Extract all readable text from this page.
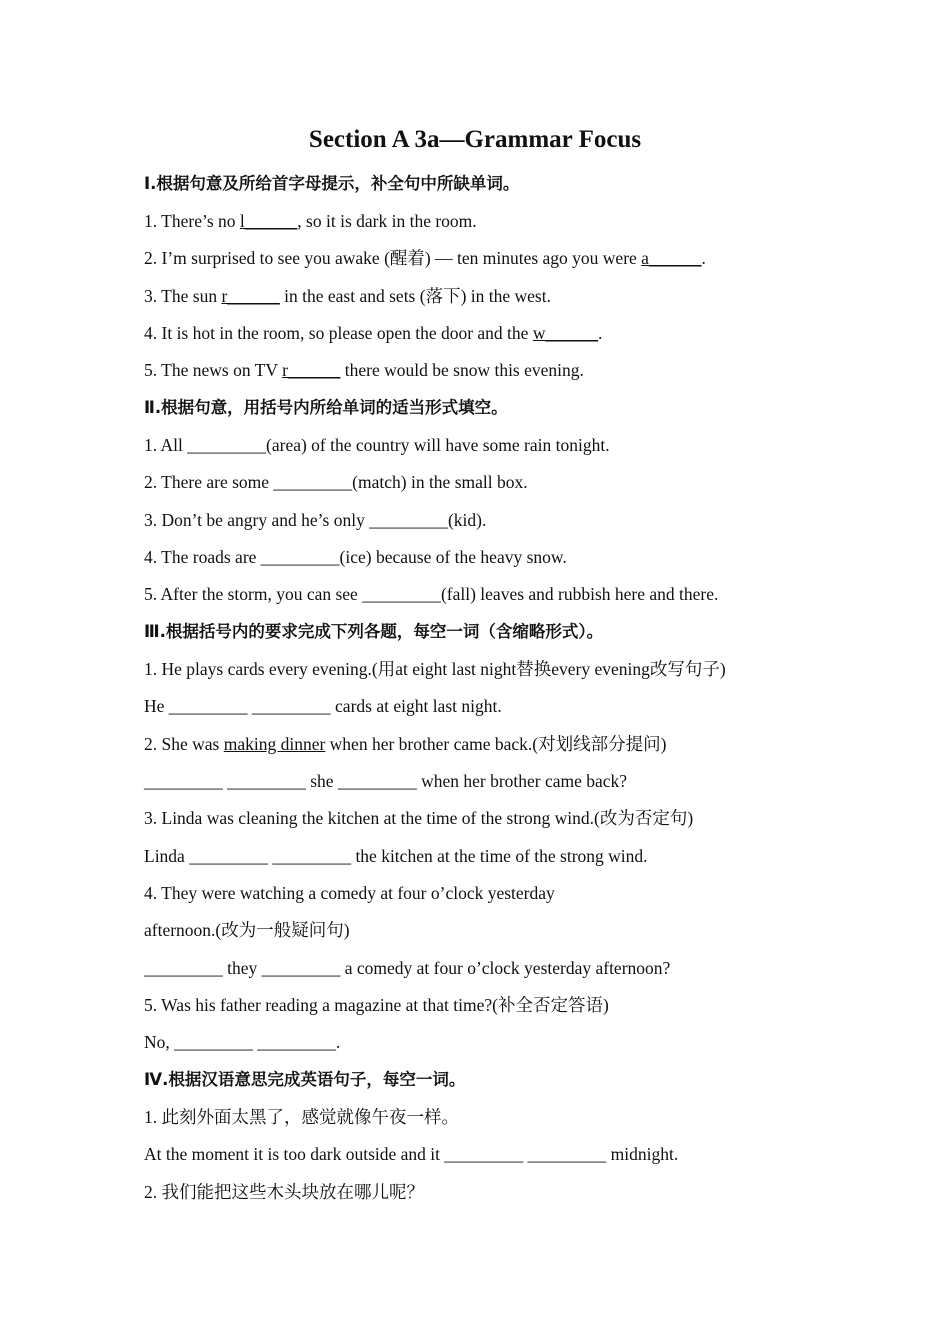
Section A 3a—Grammar Focus
Ⅰ.根据句意及所给首字母提示，补全句中所缺单词。
1. There’s no l______, so it is dark in the room.
2. I’m surprised to see you awake (醒着) — ten minutes ago you were a______.
3. The sun r______ in the east and sets (落下) in the west.
4. It is hot in the room, so please open the door and the w______.
5. The news on TV r______ there would be snow this evening.
Ⅱ.根据句意，用括号内所给单词的适当形式填空。
1. All _________(area) of the country will have some rain tonight.
2. There are some _________(match) in the small box.
3. Don’t be angry and he’s only _________(kid).
4. The roads are _________(ice) because of the heavy snow.
5. After the storm, you can see _________(fall) leaves and rubbish here and there.
Ⅲ.根据括号内的要求完成下列各题，每空一词（含缩略形式）。
1. He plays cards every evening.(用at eight last night替换every evening改写句子)
He _________ _________ cards at eight last night.
2. She was making dinner when her brother came back.(对划线部分提问)
_________ _________ she _________ when her brother came back?
3. Linda was cleaning the kitchen at the time of the strong wind.(改为否定句)
Linda _________ _________ the kitchen at the time of the strong wind.
4. They were watching a comedy at four o’clock yesterday
afternoon.(改为一般疑问句)
_________ they _________ a comedy at four o’clock yesterday afternoon?
5. Was his father reading a magazine at that time?(补全否定答语)
No, _________ _________.
Ⅳ.根据汉语意思完成英语句子，每空一词。
1. 此刻外面太黑了，感觉就像午夜一样。
At the moment it is too dark outside and it _________ _________ midnight.
2. 我们能把这些木头块放在哪儿呢？
